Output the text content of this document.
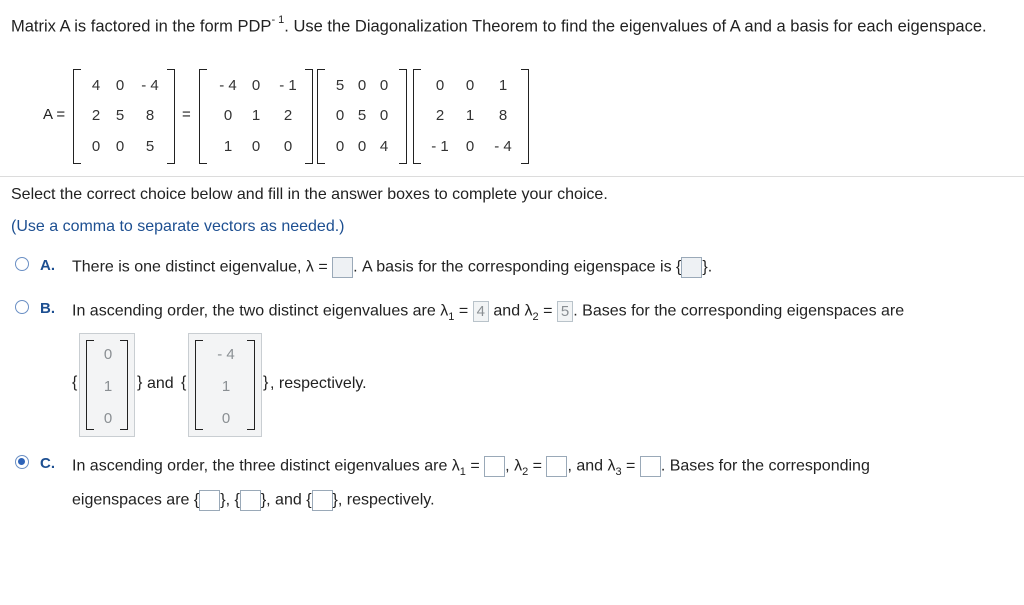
Matrix A is factored in the form $PDP^{- 1}$. Use the Diagonalization Theorem to find the eigenvalues of A and a basis for each eigenspace.
A =
4	0	- 4
2	5	8
0	0	5
=
- 4	0	- 1
0	1	2
1	0	0
5 0 0
0 5 0
0 0 4
0	0	1
2	1	8
- 1	0	- 4
Select the correct choice below and fill in the answer boxes to complete your choice.
(Use a comma to separate vectors as needed.)
A. There is one distinct eigenvalue, λ = . A basis for the corresponding eigenspace is { }.
B. In ascending order, the two distinct eigenvalues are $\lambda_1 = 4$ and $\lambda_2 = 5$ . Bases for the corresponding eigenspaces are
{
0
1
0
} and {
- 4
1
0
} , respectively.
C. In ascending order, the three distinct eigenvalues are $\lambda_1$ = , $\lambda_2$ = , and $\lambda_3$ = . Bases for the corresponding
eigenspaces are { }, { }, and { }, respectively.
